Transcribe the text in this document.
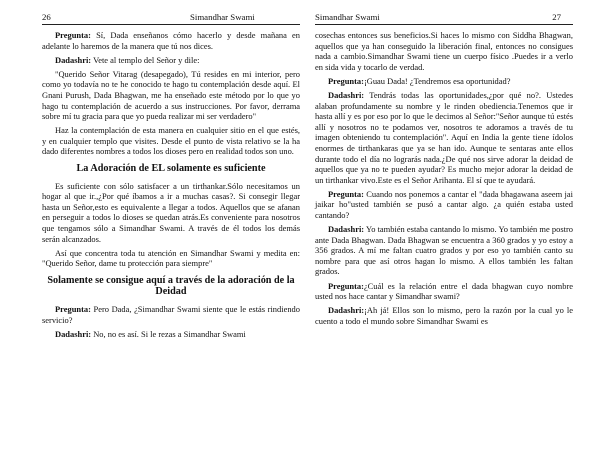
26	Simandhar Swami

Pregunta: Sí, Dada enseñanos cómo hacerlo y desde mañana en adelante lo haremos de la manera que tú nos dices.

Dadashri: Vete al templo del Señor y dile:

"Querido Señor Vitarag (desapegado), Tú resides en mi interior, pero como yo todavía no te he conocido te hago tu contemplación desde aquí. El Gnani Purush, Dada Bhagwan, me ha enseñado este método por lo que yo hago tu contemplación de acuerdo a sus instrucciones. Por favor, derrama sobre mí tu gracia para que yo pueda realizar mi ser verdadero"

Haz la contemplación de esta manera en cualquier sitio en el que estés, y en cualquier templo que visites. Desde el punto de vista relativo se la ha dado diferentes nombres a todos los dioses pero en realidad todos son uno.

La Adoración de EL solamente es suficiente

Es suficiente con sólo satisfacer a un tirthankar.Sólo necesitamos un hogar al que ir.,¿Por qué íbamos a ir a muchas casas?. Si consegir llegar hasta un Señor,esto es equivalente a llegar a todos. Aquellos que se afanan en perseguir a todos lo dioses se quedan atrás.Es conveniente para nosotros que tengamos sólo a Simandhar Swami. A través de él todos los demás serán alcanzados.

Así que concentra toda tu atención en Simandhar Swami y medita en: "Querido Señor, dame tu protección para siempre"

Solamente se consigue aquí a través de la adoración de la Deidad

Pregunta: Pero Dada, ¿Simandhar Swami siente que le estás rindiendo servicio?

Dadashri: No, no es así. Si le rezas a Simandhar Swami

Simandhar Swami	27

cosechas entonces sus beneficios.Si haces lo mismo con Siddha Bhagwan, aquellos que ya han conseguido la liberación final, entonces no consigues nada a cambio.Simandhar Swami tiene un cuerpo físico .Puedes ir a verlo en sida vida y tocarlo de verdad.

Pregunta:¡Guau Dada! ¿Tendremos esa oportunidad?

Dadashri: Tendrás todas las oportunidades,¿por qué no?. Ustedes alaban profundamente su nombre y le rinden obediencia.Tenemos que ir hasta allí y es por eso por lo que le decimos al Señor:"Señor aunque tú estés allí y nosotros no te podamos ver, nosotros te adoramos a través de tu imagen obteniendo tu contemplación". Aquí en India la gente tiene ídolos enormes de tirthankaras que ya se han ido. Aunque te sentaras ante ellos durante todo el día no lograrás nada.¿De qué nos sirve adorar la deidad de aquellos que ya no te pueden ayudar? Es mucho mejor adorar la deidad de un tirthankar vivo.Este es el Señor Arihanta. El sí que te ayudará.

Pregunta: Cuando nos ponemos a cantar el "dada bhagawana aseem jai jaikar ho"usted también se pusó a cantar algo. ¿a quién estaba usted cantando?

Dadashri: Yo también estaba cantando lo mismo. Yo también me postro ante Dada Bhagwan. Dada Bhagwan se encuentra a 360 grados y yo estoy a 356 grados. A mí me faltan cuatro grados y por eso yo también canto su nombre para que así otros hagan lo mismo. A ellos también les faltan grados.

Pregunta:¿Cuál es la relación entre el dada bhagwan cuyo nombre usted nos hace cantar y Simandhar swami?

Dadashri:¡Ah já! Ellos son lo mismo, pero la razón por la cual yo le cuento a todo el mundo sobre Simandhar Swami es
